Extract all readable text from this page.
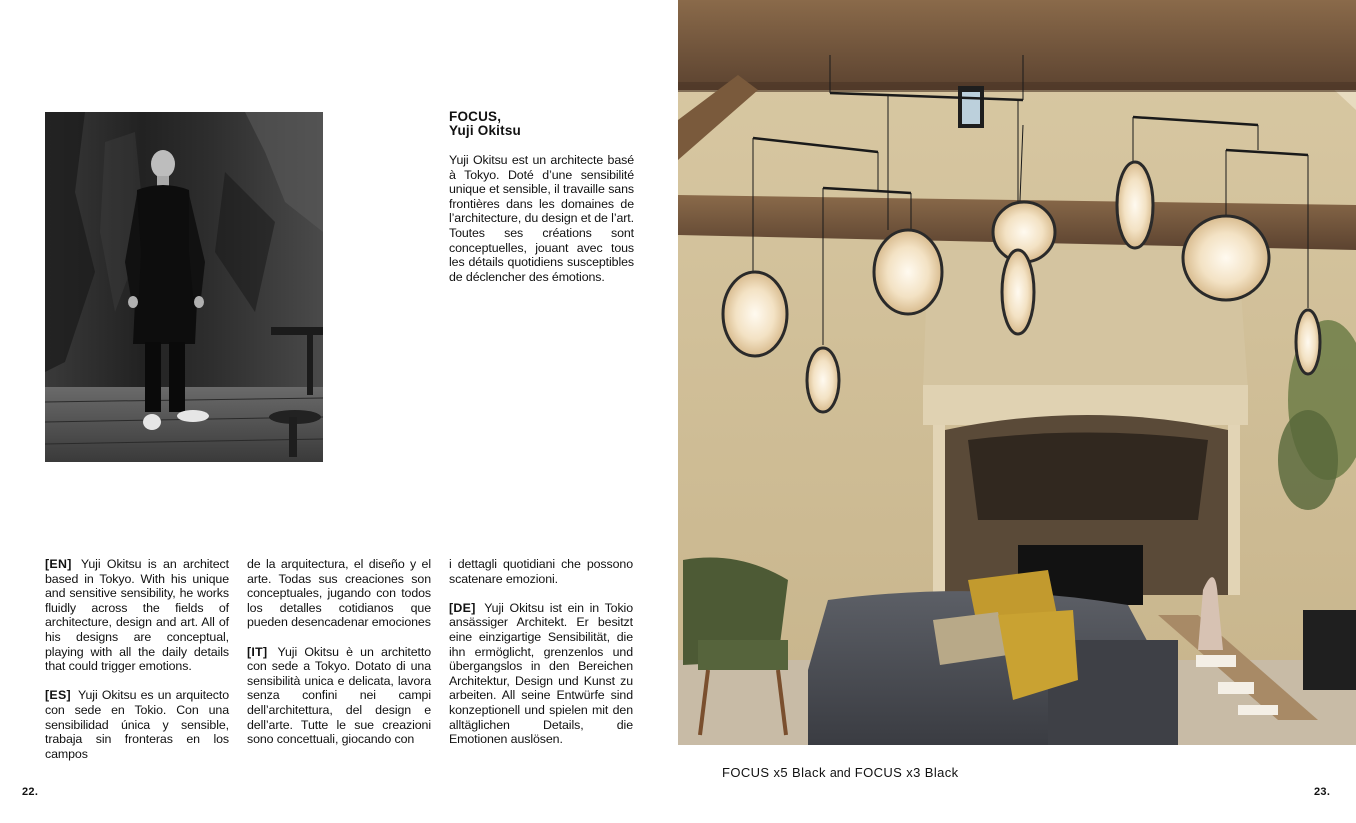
FOCUS,
Yuji Okitsu
Yuji Okitsu est un architecte basé à Tokyo. Doté d’une sensibilité unique et sensible, il travaille sans frontières dans les domaines de l’architecture, du design et de l’art. Toutes ses créations sont conceptuelles, jouant avec tous les détails quotidiens susceptibles de déclencher des émotions.

[EN] Yuji Okitsu is an architect based in Tokyo. With his unique and sensitive sensibility, he works fluidly across the fields of architecture, design and art. All of his designs are conceptual, playing with all the daily details that could trigger emotions.

[ES] Yuji Okitsu es un arquitecto con sede en Tokio. Con una sensibilidad única y sensible, trabaja sin fronteras en los campos

de la arquitectura, el diseño y el arte. Todas sus creaciones son conceptuales, jugando con todos los detalles cotidianos que pueden desencadenar emociones

[IT] Yuji Okitsu è un architetto con sede a Tokyo. Dotato di una sensibilità unica e delicata, lavora senza confini nei campi dell’architettura, del design e dell’arte. Tutte le sue creazioni sono concettuali, giocando con

i dettagli quotidiani che possono scatenare emozioni.

[DE] Yuji Okitsu ist ein in Tokio ansässiger Architekt. Er besitzt eine einzigartige Sensibilität, die ihn ermöglicht, grenzenlos und übergangslos in den Bereichen Architektur, Design und Kunst zu arbeiten. All seine Entwürfe sind konzeptionell und spielen mit den alltäglichen Details, die Emotionen auslösen.

22.
FOCUS x5 Black and FOCUS x3 Black
23.
